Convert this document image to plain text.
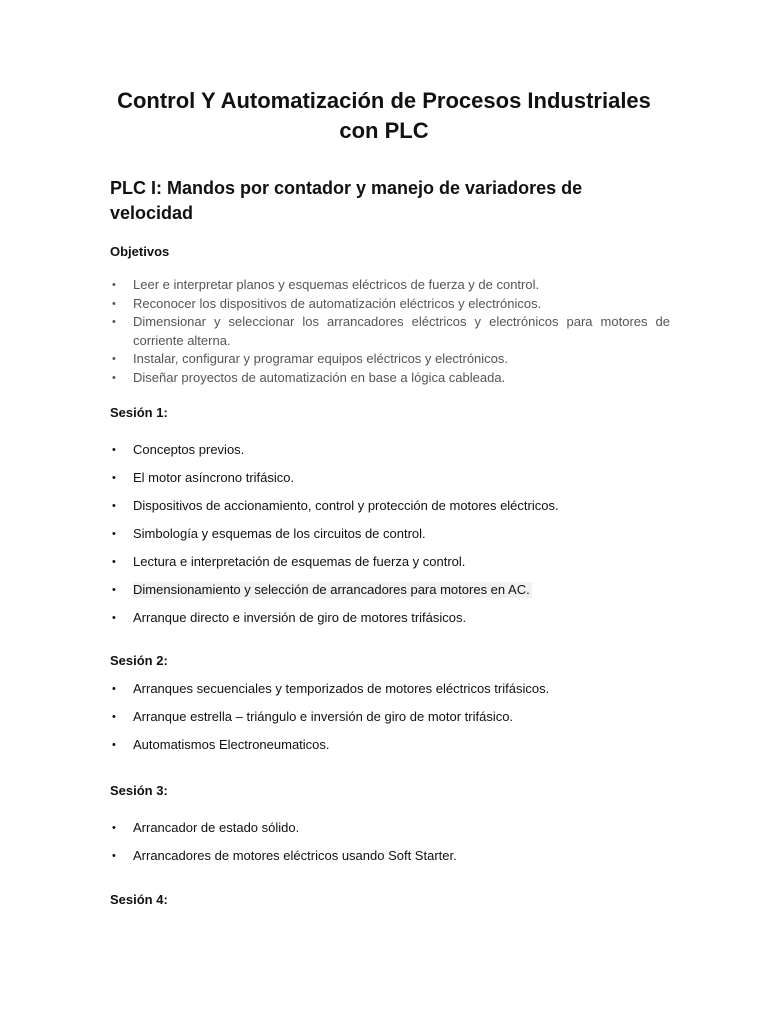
Control Y Automatización de Procesos Industriales con PLC
PLC I: Mandos por contador y manejo de variadores de velocidad
Objetivos
• Leer e interpretar planos y esquemas eléctricos de fuerza y de control.
• Reconocer los dispositivos de automatización eléctricos y electrónicos.
• Dimensionar y seleccionar los arrancadores eléctricos y electrónicos para motores de corriente alterna.
• Instalar, configurar y programar equipos eléctricos y electrónicos.
• Diseñar proyectos de automatización en base a lógica cableada.
Sesión 1:
• Conceptos previos.
• El motor asíncrono trifásico.
• Dispositivos de accionamiento, control y protección de motores eléctricos.
• Simbología y esquemas de los circuitos de control.
• Lectura e interpretación de esquemas de fuerza y control.
• Dimensionamiento y selección de arrancadores para motores en AC.
• Arranque directo e inversión de giro de motores trifásicos.
Sesión 2:
• Arranques secuenciales y temporizados de motores eléctricos trifásicos.
• Arranque estrella – triángulo e inversión de giro de motor trifásico.
• Automatismos Electroneumaticos.
Sesión 3:
• Arrancador de estado sólido.
• Arrancadores de motores eléctricos usando Soft Starter.
Sesión 4:
